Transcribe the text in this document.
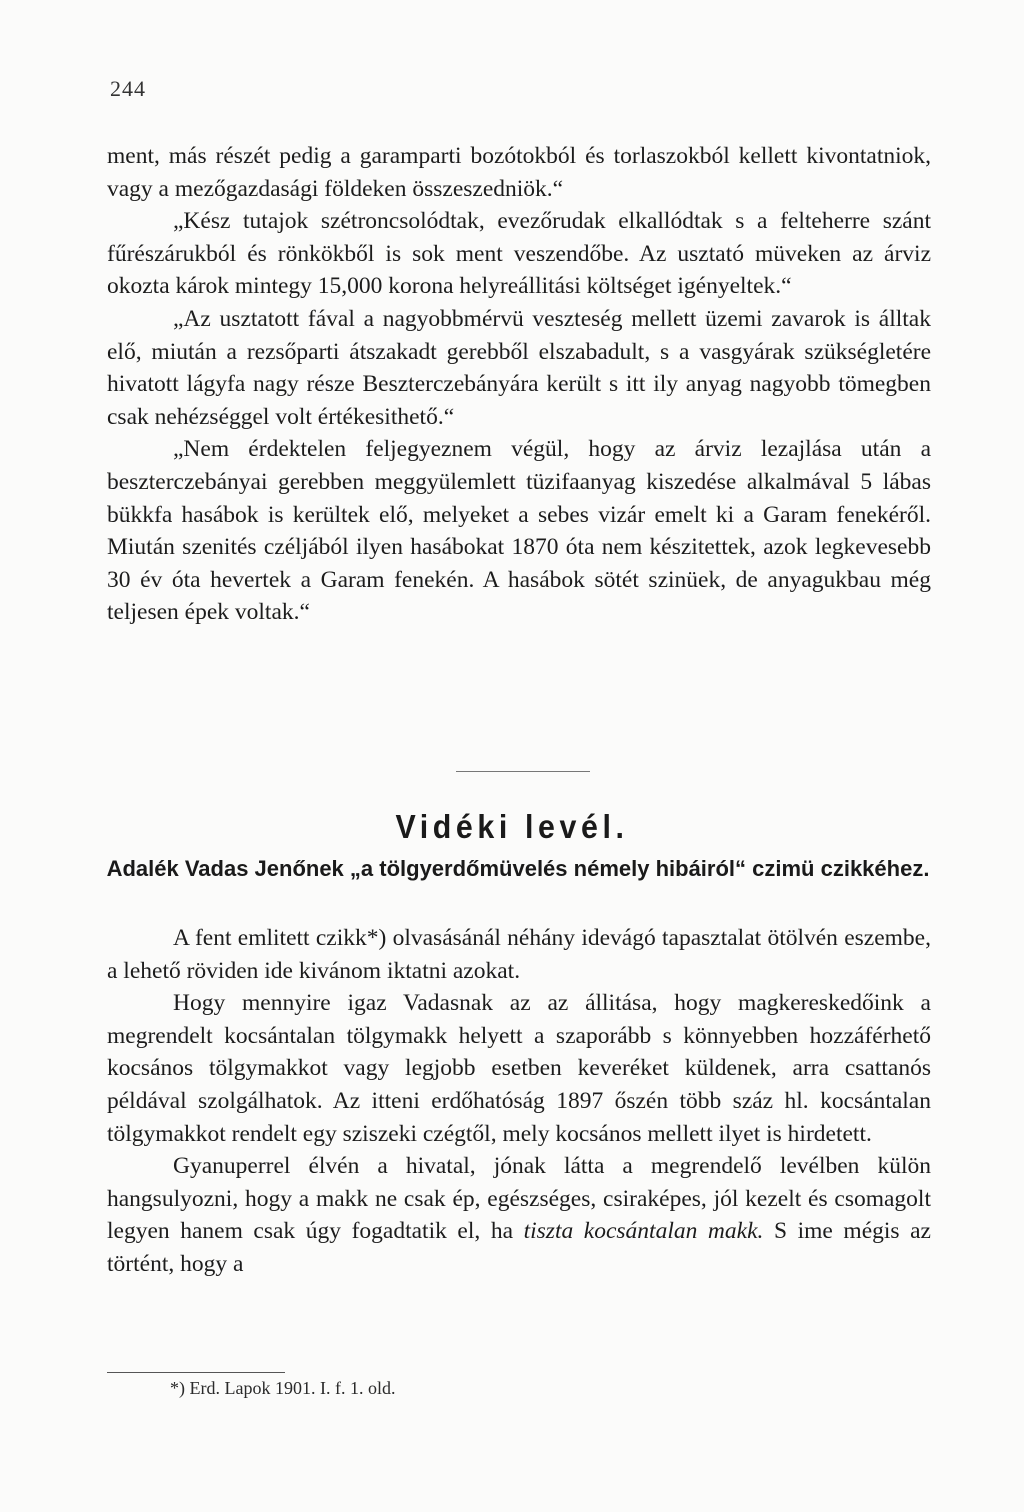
244

ment, más részét pedig a garamparti bozótokból és torlaszokból kellett kivontatniok, vagy a mezőgazdasági földeken összeszedniök.“

„Kész tutajok szétroncsolódtak, evezőrudak elkallódtak s a felteherre szánt fűrészárukból és rönkökből is sok ment veszendőbe. Az usztató müveken az árviz okozta károk mintegy 15,000 korona helyreállitási költséget igényeltek.“

„Az usztatott fával a nagyobbmérvü veszteség mellett üzemi zavarok is álltak elő, miután a rezsőparti átszakadt gerebből elszabadult, s a vasgyárak szükségletére hivatott lágyfa nagy része Beszterczebányára került s itt ily anyag nagyobb tömegben csak nehézséggel volt értékesithető.“

„Nem érdektelen feljegyeznem végül, hogy az árviz lezajlása után a beszterczebányai gerebben meggyülemlett tüzifaanyag kiszedése alkalmával 5 lábas bükkfa hasábok is kerültek elő, melyeket a sebes vizár emelt ki a Garam fenekéről. Miután szenités czéljából ilyen hasábokat 1870 óta nem készitettek, azok legkevesebb 30 év óta hevertek a Garam fenekén. A hasábok sötét szinüek, de anyagukbau még teljesen épek voltak.“

Vidéki levél.
Adalék Vadas Jenőnek „a tölgyerdőmüvelés némely hibáiról“ czimü czikkéhez.

A fent emlitett czikk*) olvasásánál néhány idevágó tapasztalat ötölvén eszembe, a lehető röviden ide kivánom iktatni azokat.

Hogy mennyire igaz Vadasnak az az állitása, hogy magkereskedőink a megrendelt kocsántalan tölgymakk helyett a szaporább s könnyebben hozzáférhető kocsános tölgymakkot vagy legjobb esetben keveréket küldenek, arra csattanós példával szolgálhatok. Az itteni erdőhatóság 1897 őszén több száz hl. kocsántalan tölgymakkot rendelt egy sziszeki czégtől, mely kocsános mellett ilyet is hirdetett.

Gyanuperrel élvén a hivatal, jónak látta a megrendelő levélben külön hangsulyozni, hogy a makk ne csak ép, egészséges, csiraképes, jól kezelt és csomagolt legyen hanem csak úgy fogadtatik el, ha tiszta kocsántalan makk. S ime mégis az történt, hogy a

*) Erd. Lapok 1901. I. f. 1. old.
